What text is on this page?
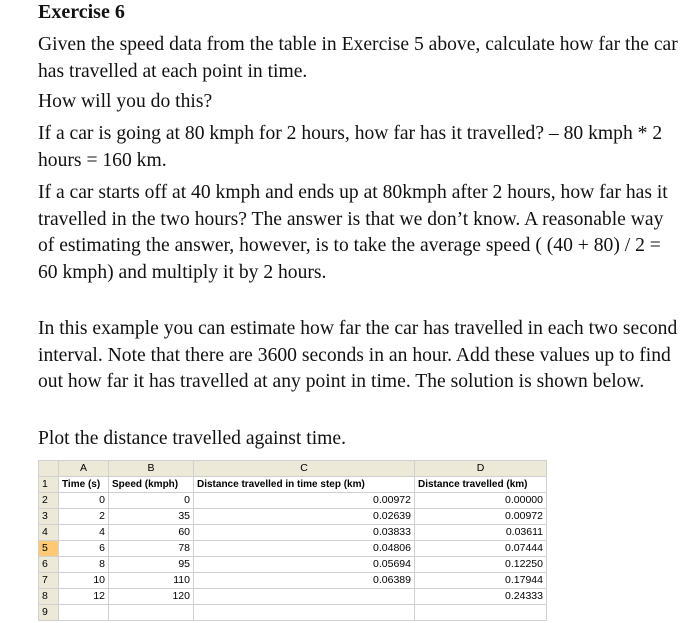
Exercise 6

Given the speed data from the table in Exercise 5 above, calculate how far the car has travelled at each point in time.

How will you do this?

If a car is going at 80 kmph for 2 hours, how far has it travelled? – 80 kmph * 2 hours = 160 km.

If a car starts off at 40 kmph and ends up at 80kmph after 2 hours, how far has it travelled in the two hours? The answer is that we don’t know. A reasonable way of estimating the answer, however, is to take the average speed ( (40 + 80) / 2 = 60 kmph) and multiply it by 2 hours.

In this example you can estimate how far the car has travelled in each two second interval. Note that there are 3600 seconds in an hour. Add these values up to find out how far it has travelled at any point in time. The solution is shown below.

Plot the distance travelled against time.

	A	B	C	D
1	Time (s)	Speed (kmph)	Distance travelled in time step (km)	Distance travelled (km)
2	0	0	0.00972	0.00000
3	2	35	0.02639	0.00972
4	4	60	0.03833	0.03611
5	6	78	0.04806	0.07444
6	8	95	0.05694	0.12250
7	10	110	0.06389	0.17944
8	12	120		0.24333
9				
